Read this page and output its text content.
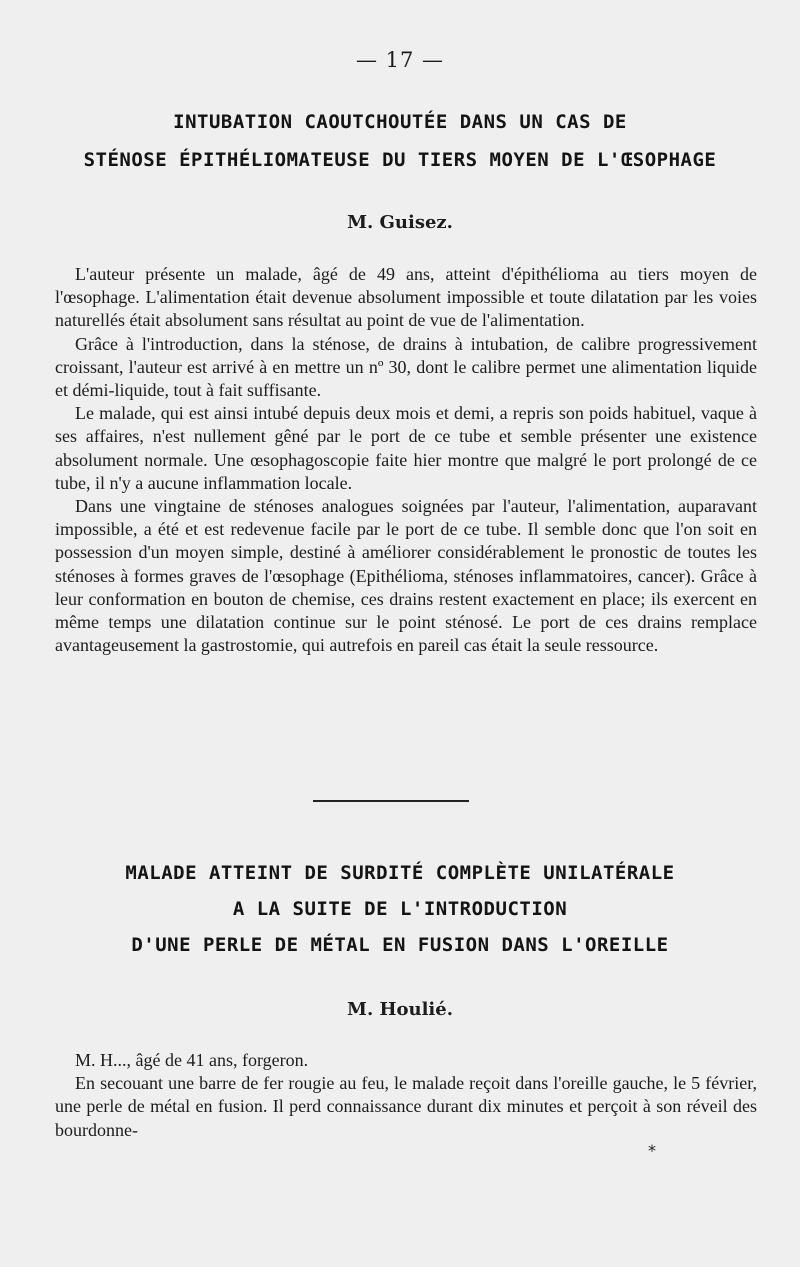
— 17 —
INTUBATION CAOUTCHOUTÉE DANS UN CAS DE
STÉNOSE ÉPITHÉLIOMATEUSE DU TIERS MOYEN DE L'ŒSOPHAGE
M. Guisez.

L'auteur présente un malade, âgé de 49 ans, atteint d'épithélioma au tiers moyen de l'œsophage. L'alimentation était devenue absolument impossible et toute dilatation par les voies naturellés était absolument sans résultat au point de vue de l'alimentation.

Grâce à l'introduction, dans la sténose, de drains à intubation, de calibre progressivement croissant, l'auteur est arrivé à en mettre un nº 30, dont le calibre permet une alimentation liquide et démi-liquide, tout à fait suffisante.

Le malade, qui est ainsi intubé depuis deux mois et demi, a repris son poids habituel, vaque à ses affaires, n'est nullement gêné par le port de ce tube et semble présenter une existence absolument normale. Une œsophagoscopie faite hier montre que malgré le port prolongé de ce tube, il n'y a aucune inflammation locale.

Dans une vingtaine de sténoses analogues soignées par l'auteur, l'alimentation, auparavant impossible, a été et est redevenue facile par le port de ce tube. Il semble donc que l'on soit en possession d'un moyen simple, destiné à améliorer considérablement le pronostic de toutes les sténoses à formes graves de l'œsophage (Epithélioma, sténoses inflammatoires, cancer). Grâce à leur conformation en bouton de chemise, ces drains restent exactement en place; ils exercent en même temps une dilatation continue sur le point sténosé. Le port de ces drains remplace avantageusement la gastrostomie, qui autrefois en pareil cas était la seule ressource.

MALADE ATTEINT DE SURDITÉ COMPLÈTE UNILATÉRALE
A LA SUITE DE L'INTRODUCTION
D'UNE PERLE DE MÉTAL EN FUSION DANS L'OREILLE
M. Houlié.

M. H..., âgé de 41 ans, forgeron.

En secouant une barre de fer rougie au feu, le malade reçoit dans l'oreille gauche, le 5 février, une perle de métal en fusion. Il perd connaissance durant dix minutes et perçoit à son réveil des bourdonne-

*
